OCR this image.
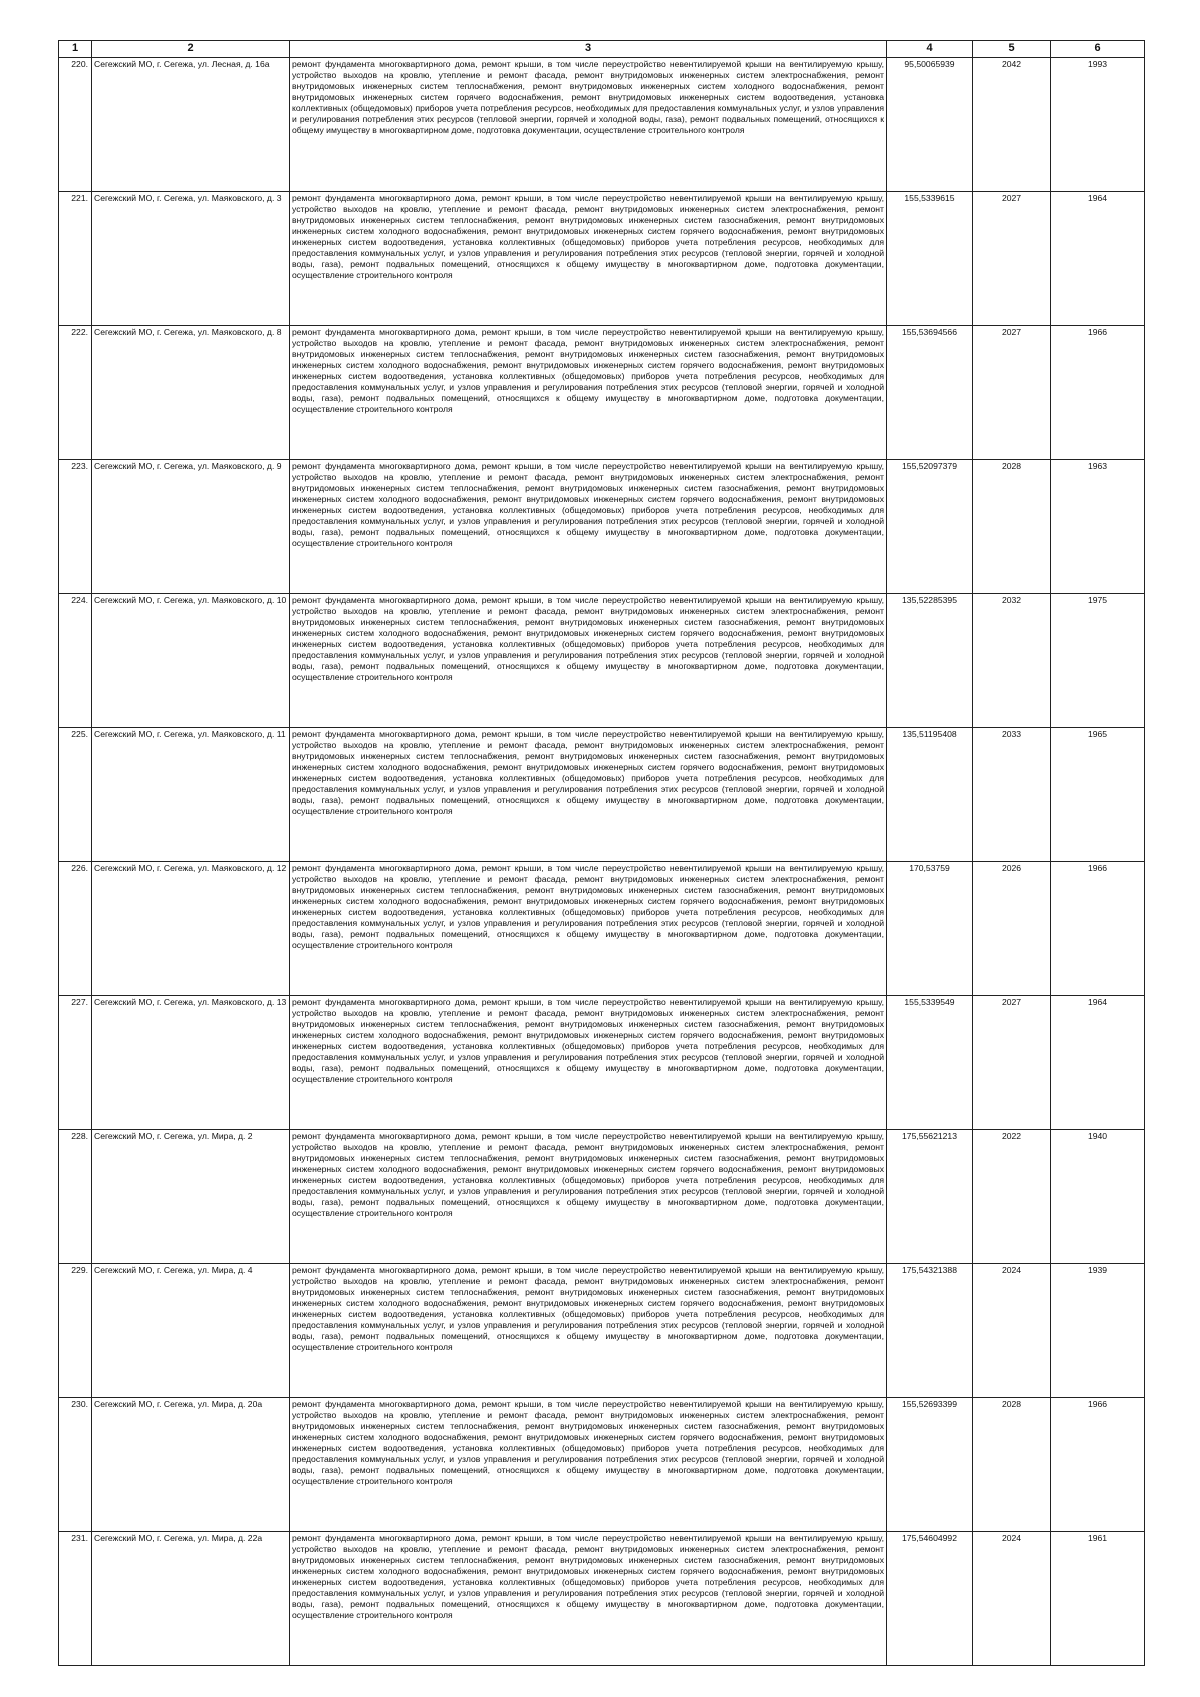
1	2	3	4	5	6
220.	Сегежский МО, г. Сегежа, ул. Лесная, д. 16а	ремонт фундамента многоквартирного дома, ремонт крыши, в том числе переустройство невентилируемой крыши на вентилируемую крышу, устройство выходов на кровлю, утепление и ремонт фасада, ремонт внутридомовых инженерных систем электроснабжения, ремонт внутридомовых инженерных систем теплоснабжения, ремонт внутридомовых инженерных систем холодного водоснабжения, ремонт внутридомовых инженерных систем горячего водоснабжения, ремонт внутридомовых инженерных систем водоотведения, установка коллективных (общедомовых) приборов учета потребления ресурсов, необходимых для предоставления коммунальных услуг, и узлов управления и регулирования потребления этих ресурсов (тепловой энергии, горячей и холодной воды, газа), ремонт подвальных помещений, относящихся к общему имуществу в многоквартирном доме, подготовка документации, осуществление строительного контроля	95,50065939	2042	1993
221.	Сегежский МО, г. Сегежа, ул. Маяковского, д. 3	ремонт фундамента многоквартирного дома, ремонт крыши, в том числе переустройство невентилируемой крыши на вентилируемую крышу, устройство выходов на кровлю, утепление и ремонт фасада, ремонт внутридомовых инженерных систем электроснабжения, ремонт внутридомовых инженерных систем теплоснабжения, ремонт внутридомовых инженерных систем газоснабжения, ремонт внутридомовых инженерных систем холодного водоснабжения, ремонт внутридомовых инженерных систем горячего водоснабжения, ремонт внутридомовых инженерных систем водоотведения, установка коллективных (общедомовых) приборов учета потребления ресурсов, необходимых для предоставления коммунальных услуг, и узлов управления и регулирования потребления этих ресурсов (тепловой энергии, горячей и холодной воды, газа), ремонт подвальных помещений, относящихся к общему имуществу в многоквартирном доме, подготовка документации, осуществление строительного контроля	155,5339615	2027	1964
222.	Сегежский МО, г. Сегежа, ул. Маяковского, д. 8	ремонт фундамента многоквартирного дома, ремонт крыши, в том числе переустройство невентилируемой крыши на вентилируемую крышу, устройство выходов на кровлю, утепление и ремонт фасада, ремонт внутридомовых инженерных систем электроснабжения, ремонт внутридомовых инженерных систем теплоснабжения, ремонт внутридомовых инженерных систем газоснабжения, ремонт внутридомовых инженерных систем холодного водоснабжения, ремонт внутридомовых инженерных систем горячего водоснабжения, ремонт внутридомовых инженерных систем водоотведения, установка коллективных (общедомовых) приборов учета потребления ресурсов, необходимых для предоставления коммунальных услуг, и узлов управления и регулирования потребления этих ресурсов (тепловой энергии, горячей и холодной воды, газа), ремонт подвальных помещений, относящихся к общему имуществу в многоквартирном доме, подготовка документации, осуществление строительного контроля	155,53694566	2027	1966
223.	Сегежский МО, г. Сегежа, ул. Маяковского, д. 9	ремонт фундамента многоквартирного дома, ремонт крыши, в том числе переустройство невентилируемой крыши на вентилируемую крышу, устройство выходов на кровлю, утепление и ремонт фасада, ремонт внутридомовых инженерных систем электроснабжения, ремонт внутридомовых инженерных систем теплоснабжения, ремонт внутридомовых инженерных систем газоснабжения, ремонт внутридомовых инженерных систем холодного водоснабжения, ремонт внутридомовых инженерных систем горячего водоснабжения, ремонт внутридомовых инженерных систем водоотведения, установка коллективных (общедомовых) приборов учета потребления ресурсов, необходимых для предоставления коммунальных услуг, и узлов управления и регулирования потребления этих ресурсов (тепловой энергии, горячей и холодной воды, газа), ремонт подвальных помещений, относящихся к общему имуществу в многоквартирном доме, подготовка документации, осуществление строительного контроля	155,52097379	2028	1963
224.	Сегежский МО, г. Сегежа, ул. Маяковского, д. 10	ремонт фундамента многоквартирного дома, ремонт крыши, в том числе переустройство невентилируемой крыши на вентилируемую крышу, устройство выходов на кровлю, утепление и ремонт фасада, ремонт внутридомовых инженерных систем электроснабжения, ремонт внутридомовых инженерных систем теплоснабжения, ремонт внутридомовых инженерных систем газоснабжения, ремонт внутридомовых инженерных систем холодного водоснабжения, ремонт внутридомовых инженерных систем горячего водоснабжения, ремонт внутридомовых инженерных систем водоотведения, установка коллективных (общедомовых) приборов учета потребления ресурсов, необходимых для предоставления коммунальных услуг, и узлов управления и регулирования потребления этих ресурсов (тепловой энергии, горячей и холодной воды, газа), ремонт подвальных помещений, относящихся к общему имуществу в многоквартирном доме, подготовка документации, осуществление строительного контроля	135,52285395	2032	1975
225.	Сегежский МО, г. Сегежа, ул. Маяковского, д. 11	ремонт фундамента многоквартирного дома, ремонт крыши, в том числе переустройство невентилируемой крыши на вентилируемую крышу, устройство выходов на кровлю, утепление и ремонт фасада, ремонт внутридомовых инженерных систем электроснабжения, ремонт внутридомовых инженерных систем теплоснабжения, ремонт внутридомовых инженерных систем газоснабжения, ремонт внутридомовых инженерных систем холодного водоснабжения, ремонт внутридомовых инженерных систем горячего водоснабжения, ремонт внутридомовых инженерных систем водоотведения, установка коллективных (общедомовых) приборов учета потребления ресурсов, необходимых для предоставления коммунальных услуг, и узлов управления и регулирования потребления этих ресурсов (тепловой энергии, горячей и холодной воды, газа), ремонт подвальных помещений, относящихся к общему имуществу в многоквартирном доме, подготовка документации, осуществление строительного контроля	135,51195408	2033	1965
226.	Сегежский МО, г. Сегежа, ул. Маяковского, д. 12	ремонт фундамента многоквартирного дома, ремонт крыши, в том числе переустройство невентилируемой крыши на вентилируемую крышу, устройство выходов на кровлю, утепление и ремонт фасада, ремонт внутридомовых инженерных систем электроснабжения, ремонт внутридомовых инженерных систем теплоснабжения, ремонт внутридомовых инженерных систем газоснабжения, ремонт внутридомовых инженерных систем холодного водоснабжения, ремонт внутридомовых инженерных систем горячего водоснабжения, ремонт внутридомовых инженерных систем водоотведения, установка коллективных (общедомовых) приборов учета потребления ресурсов, необходимых для предоставления коммунальных услуг, и узлов управления и регулирования потребления этих ресурсов (тепловой энергии, горячей и холодной воды, газа), ремонт подвальных помещений, относящихся к общему имуществу в многоквартирном доме, подготовка документации, осуществление строительного контроля	170,53759	2026	1966
227.	Сегежский МО, г. Сегежа, ул. Маяковского, д. 13	ремонт фундамента многоквартирного дома, ремонт крыши, в том числе переустройство невентилируемой крыши на вентилируемую крышу, устройство выходов на кровлю, утепление и ремонт фасада, ремонт внутридомовых инженерных систем электроснабжения, ремонт внутридомовых инженерных систем теплоснабжения, ремонт внутридомовых инженерных систем газоснабжения, ремонт внутридомовых инженерных систем холодного водоснабжения, ремонт внутридомовых инженерных систем горячего водоснабжения, ремонт внутридомовых инженерных систем водоотведения, установка коллективных (общедомовых) приборов учета потребления ресурсов, необходимых для предоставления коммунальных услуг, и узлов управления и регулирования потребления этих ресурсов (тепловой энергии, горячей и холодной воды, газа), ремонт подвальных помещений, относящихся к общему имуществу в многоквартирном доме, подготовка документации, осуществление строительного контроля	155,5339549	2027	1964
228.	Сегежский МО, г. Сегежа, ул. Мира, д. 2	ремонт фундамента многоквартирного дома, ремонт крыши, в том числе переустройство невентилируемой крыши на вентилируемую крышу, устройство выходов на кровлю, утепление и ремонт фасада, ремонт внутридомовых инженерных систем электроснабжения, ремонт внутридомовых инженерных систем теплоснабжения, ремонт внутридомовых инженерных систем газоснабжения, ремонт внутридомовых инженерных систем холодного водоснабжения, ремонт внутридомовых инженерных систем горячего водоснабжения, ремонт внутридомовых инженерных систем водоотведения, установка коллективных (общедомовых) приборов учета потребления ресурсов, необходимых для предоставления коммунальных услуг, и узлов управления и регулирования потребления этих ресурсов (тепловой энергии, горячей и холодной воды, газа), ремонт подвальных помещений, относящихся к общему имуществу в многоквартирном доме, подготовка документации, осуществление строительного контроля	175,55621213	2022	1940
229.	Сегежский МО, г. Сегежа, ул. Мира, д. 4	ремонт фундамента многоквартирного дома, ремонт крыши, в том числе переустройство невентилируемой крыши на вентилируемую крышу, устройство выходов на кровлю, утепление и ремонт фасада, ремонт внутридомовых инженерных систем электроснабжения, ремонт внутридомовых инженерных систем теплоснабжения, ремонт внутридомовых инженерных систем газоснабжения, ремонт внутридомовых инженерных систем холодного водоснабжения, ремонт внутридомовых инженерных систем горячего водоснабжения, ремонт внутридомовых инженерных систем водоотведения, установка коллективных (общедомовых) приборов учета потребления ресурсов, необходимых для предоставления коммунальных услуг, и узлов управления и регулирования потребления этих ресурсов (тепловой энергии, горячей и холодной воды, газа), ремонт подвальных помещений, относящихся к общему имуществу в многоквартирном доме, подготовка документации, осуществление строительного контроля	175,54321388	2024	1939
230.	Сегежский МО, г. Сегежа, ул. Мира, д. 20а	ремонт фундамента многоквартирного дома, ремонт крыши, в том числе переустройство невентилируемой крыши на вентилируемую крышу, устройство выходов на кровлю, утепление и ремонт фасада, ремонт внутридомовых инженерных систем электроснабжения, ремонт внутридомовых инженерных систем теплоснабжения, ремонт внутридомовых инженерных систем газоснабжения, ремонт внутридомовых инженерных систем холодного водоснабжения, ремонт внутридомовых инженерных систем горячего водоснабжения, ремонт внутридомовых инженерных систем водоотведения, установка коллективных (общедомовых) приборов учета потребления ресурсов, необходимых для предоставления коммунальных услуг, и узлов управления и регулирования потребления этих ресурсов (тепловой энергии, горячей и холодной воды, газа), ремонт подвальных помещений, относящихся к общему имуществу в многоквартирном доме, подготовка документации, осуществление строительного контроля	155,52693399	2028	1966
231.	Сегежский МО, г. Сегежа, ул. Мира, д. 22а	ремонт фундамента многоквартирного дома, ремонт крыши, в том числе переустройство невентилируемой крыши на вентилируемую крышу, устройство выходов на кровлю, утепление и ремонт фасада, ремонт внутридомовых инженерных систем электроснабжения, ремонт внутридомовых инженерных систем теплоснабжения, ремонт внутридомовых инженерных систем газоснабжения, ремонт внутридомовых инженерных систем холодного водоснабжения, ремонт внутридомовых инженерных систем горячего водоснабжения, ремонт внутридомовых инженерных систем водоотведения, установка коллективных (общедомовых) приборов учета потребления ресурсов, необходимых для предоставления коммунальных услуг, и узлов управления и регулирования потребления этих ресурсов (тепловой энергии, горячей и холодной воды, газа), ремонт подвальных помещений, относящихся к общему имуществу в многоквартирном доме, подготовка документации, осуществление строительного контроля	175,54604992	2024	1961
